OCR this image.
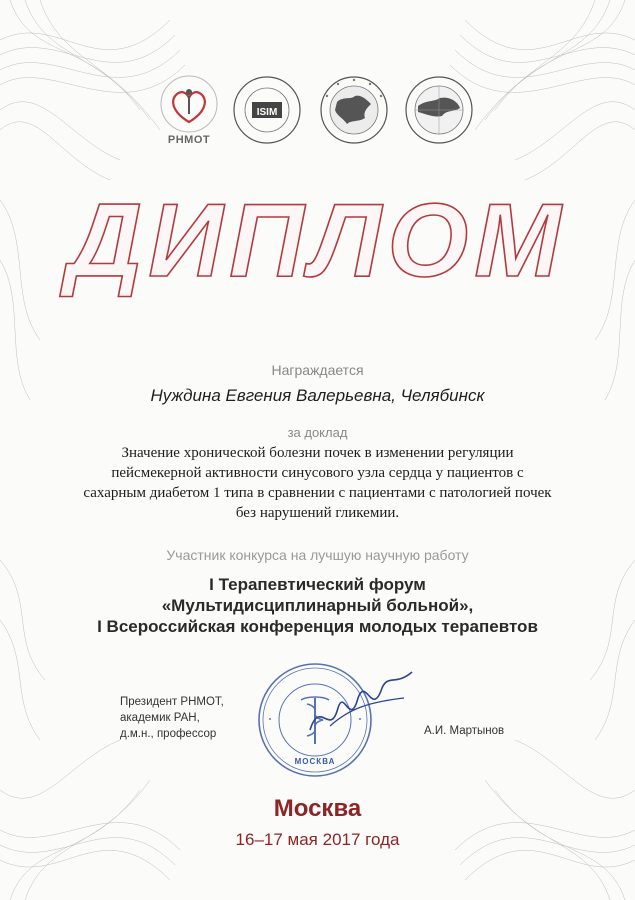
РНМОТ
ISIM
ДИПЛОМ
Награждается
Нуждина Евгения Валерьевна, Челябинск
за доклад
Значение хронической болезни почек в изменении регуляции пейсмекерной активности синусового узла сердца у пациентов с сахарным диабетом 1 типа в сравнении с пациентами с патологией почек без нарушений гликемии.
Участник конкурса на лучшую научную работу
I Терапевтический форум
«Мультидисциплинарный больной»,
I Всероссийская конференция молодых терапевтов
Президент РНМОТ,
академик РАН,
д.м.н., профессор
МОСКВА
А.И. Мартынов
Москва
16–17 мая 2017 года
